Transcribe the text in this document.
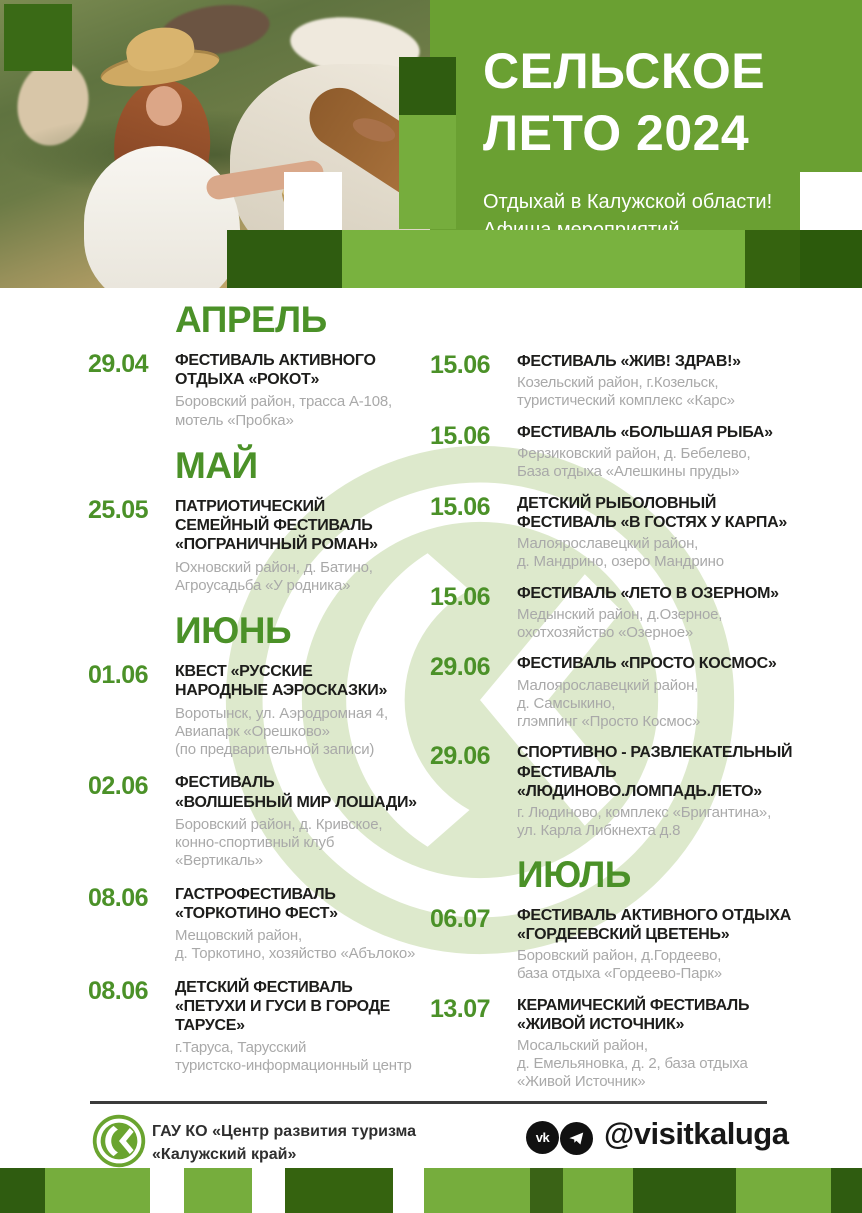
СЕЛЬСКОЕ
ЛЕТО 2024
Отдыхай в Калужской области!
АПРЕЛЬ
29.04	ФЕСТИВАЛЬ АКТИВНОГО
ОТДЫХА «РОКОТ»
Боровский район, трасса А-108,
мотель «Пробка»
МАЙ
25.05	ПАТРИОТИЧЕСКИЙ
СЕМЕЙНЫЙ ФЕСТИВАЛЬ
«ПОГРАНИЧНЫЙ РОМАН»
Юхновский район, д. Батино,
Агроусадьба «У родника»
ИЮНЬ
01.06	КВЕСТ «РУССКИЕ
НАРОДНЫЕ АЭРОСКАЗКИ»
Воротынск, ул. Аэродромная 4,
Авиапарк «Орешково»
(по предварительной записи)
02.06	ФЕСТИВАЛЬ
«ВОЛШЕБНЫЙ МИР ЛОШАДИ»
Боровский район, д. Кривское,
конно-спортивный клуб
«Вертикаль»
08.06	ГАСТРОФЕСТИВАЛЬ
«ТОРКОТИНО ФЕСТ»
Мещовский район,
д. Торкотино, хозяйство «Абълоко»
08.06	ДЕТСКИЙ ФЕСТИВАЛЬ
«ПЕТУХИ И ГУСИ В ГОРОДЕ ТАРУСЕ»
г.Таруса, Тарусский
туристско-информационный центр
15.06	ФЕСТИВАЛЬ «ЖИВ! ЗДРАВ!»
Козельский район, г.Козельск,
туристический комплекс «Карс»
15.06	ФЕСТИВАЛЬ «БОЛЬШАЯ РЫБА»
Ферзиковский район, д. Бебелево,
База отдыха «Алешкины пруды»
15.06	ДЕТСКИЙ РЫБОЛОВНЫЙ
ФЕСТИВАЛЬ «В ГОСТЯХ У КАРПА»
Малоярославецкий район,
д. Мандрино, озеро Мандрино
15.06	ФЕСТИВАЛЬ «ЛЕТО В ОЗЕРНОМ»
Медынский район, д.Озерное,
охотхозяйство «Озерное»
29.06	ФЕСТИВАЛЬ «ПРОСТО КОСМОС»
Малоярославецкий район,
д. Самсыкино,
глэмпинг «Просто Космос»
29.06	СПОРТИВНО - РАЗВЛЕКАТЕЛЬНЫЙ
ФЕСТИВАЛЬ
«ЛЮДИНОВО.ЛОМПАДЬ.ЛЕТО»
г. Людиново, комплекс «Бригантина»,
ул. Карла Либкнехта д.8
ИЮЛЬ
06.07	ФЕСТИВАЛЬ АКТИВНОГО ОТДЫХА
«ГОРДЕЕВСКИЙ ЦВЕТЕНЬ»
Боровский район, д.Гордеево,
база отдыха «Гордеево-Парк»
13.07	КЕРАМИЧЕСКИЙ ФЕСТИВАЛЬ
«ЖИВОЙ ИСТОЧНИК»
Мосальский район,
д. Емельяновка, д. 2, база отдыха
«Живой Источник»
ГАУ КО «Центр развития туризма
«Калужский край»
vk @visitkaluga
